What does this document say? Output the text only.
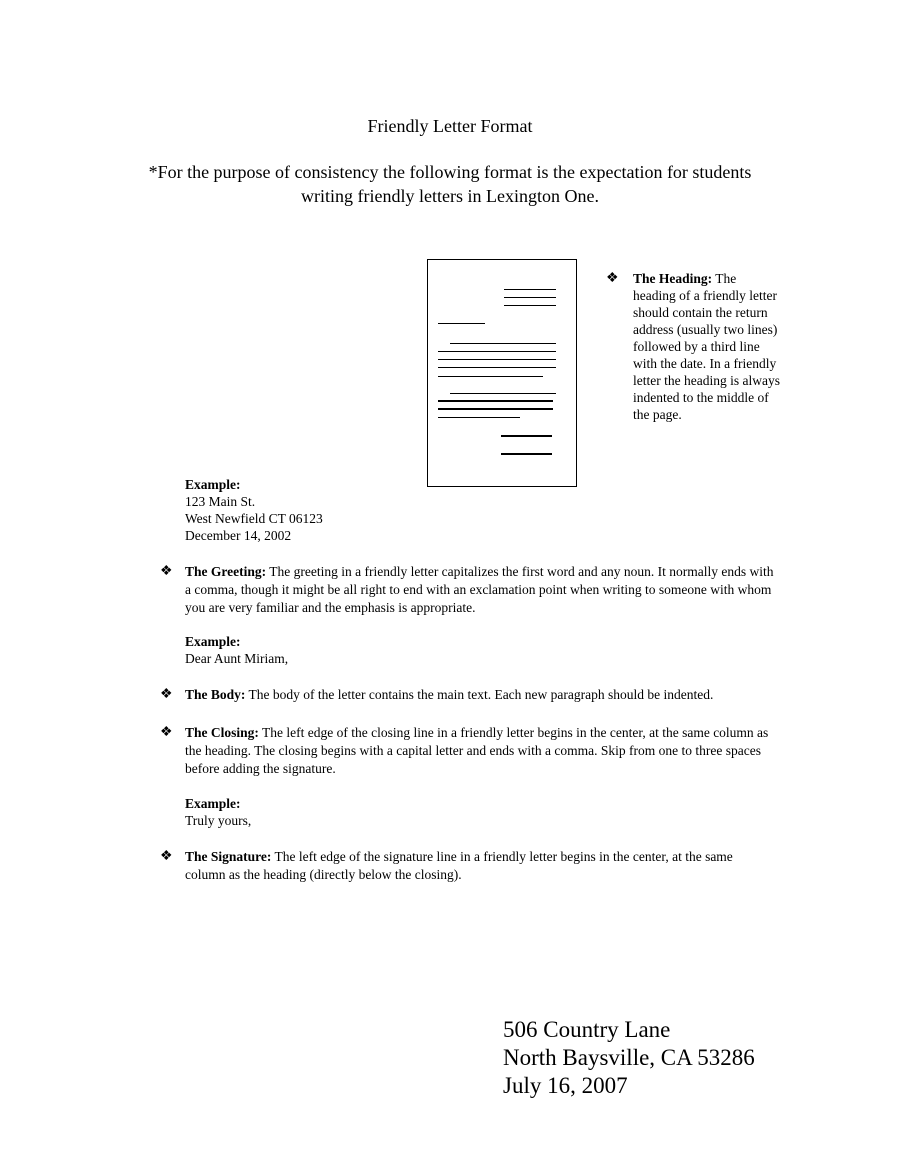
Friendly Letter Format
*For the purpose of consistency the following format is the expectation for students writing friendly letters in Lexington One.
❖	The Heading: The heading of a friendly letter should contain the return address (usually two lines) followed by a third line with the date. In a friendly letter the heading is always indented to the middle of the page.
Example:
123 Main St.
West Newfield CT 06123
December 14, 2002
❖ The Greeting: The greeting in a friendly letter capitalizes the first word and any noun. It normally ends with a comma, though it might be all right to end with an exclamation point when writing to someone with whom you are very familiar and the emphasis is appropriate.
Example:
Dear Aunt Miriam,
❖ The Body: The body of the letter contains the main text. Each new paragraph should be indented.
❖ The Closing: The left edge of the closing line in a friendly letter begins in the center, at the same column as the heading. The closing begins with a capital letter and ends with a comma. Skip from one to three spaces before adding the signature.
Example:
Truly yours,
❖ The Signature: The left edge of the signature line in a friendly letter begins in the center, at the same column as the heading (directly below the closing).
506 Country Lane
North Baysville, CA 53286
July 16, 2007
